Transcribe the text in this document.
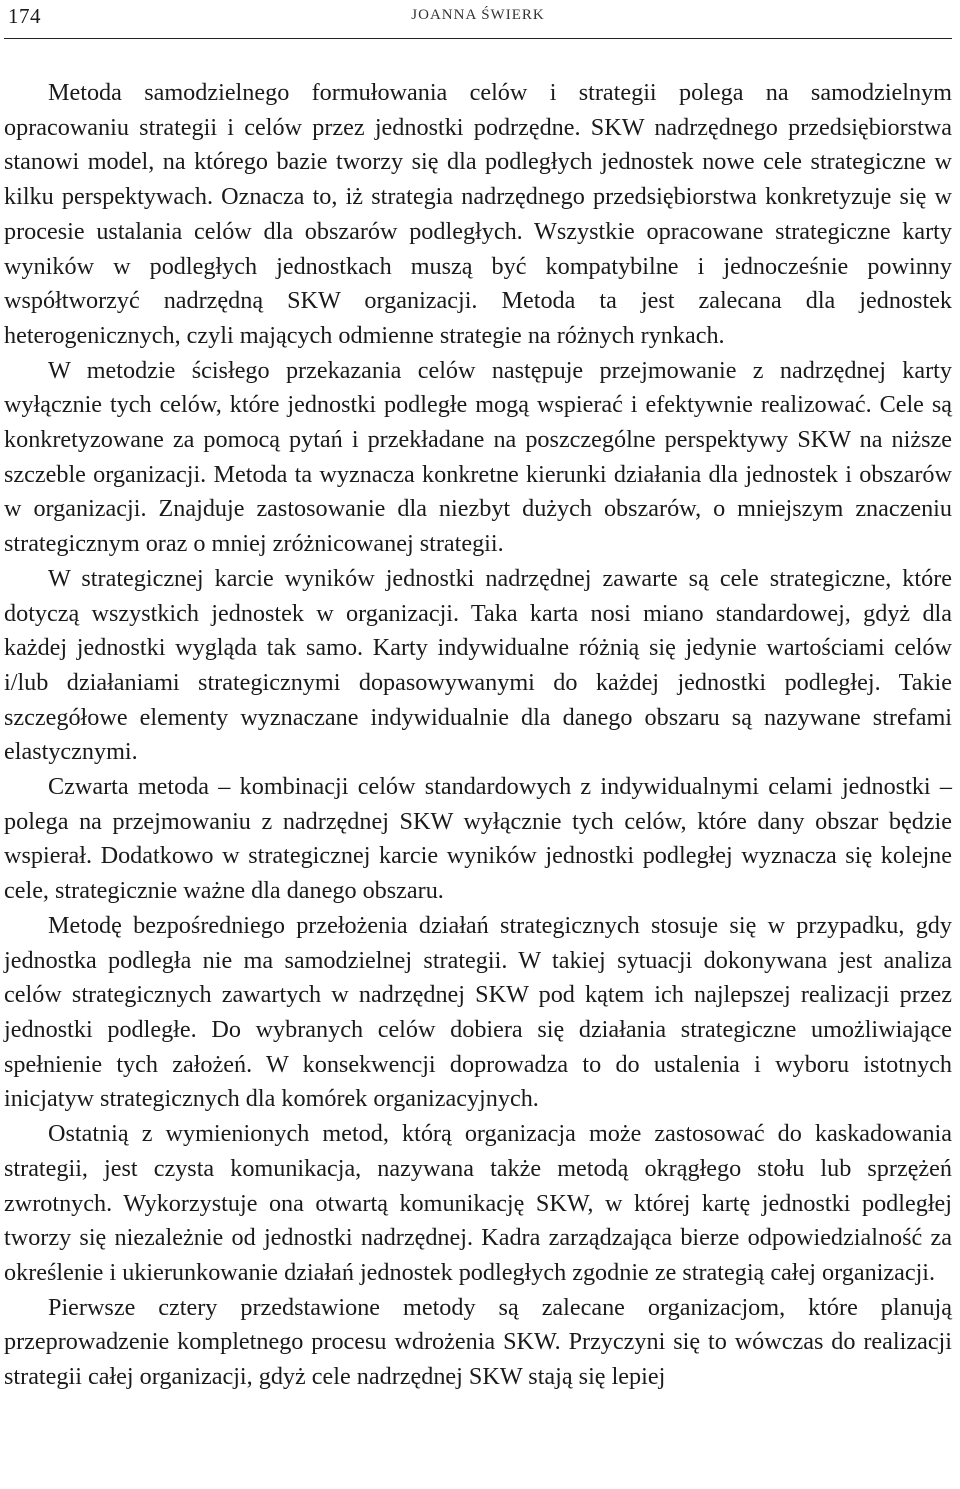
174	JOANNA ŚWIERK

Metoda samodzielnego formułowania celów i strategii polega na samodzielnym opracowaniu strategii i celów przez jednostki podrzędne. SKW nadrzędnego przedsiębiorstwa stanowi model, na którego bazie tworzy się dla podległych jednostek nowe cele strategiczne w kilku perspektywach. Oznacza to, iż strategia nadrzędnego przedsiębiorstwa konkretyzuje się w procesie ustalania celów dla obszarów podległych. Wszystkie opracowane strategiczne karty wyników w podległych jednostkach muszą być kompatybilne i jednocześnie powinny współtworzyć nadrzędną SKW organizacji. Metoda ta jest zalecana dla jednostek heterogenicznych, czyli mających odmienne strategie na różnych rynkach.

W metodzie ścisłego przekazania celów następuje przejmowanie z nadrzędnej karty wyłącznie tych celów, które jednostki podległe mogą wspierać i efektywnie realizować. Cele są konkretyzowane za pomocą pytań i przekładane na poszczególne perspektywy SKW na niższe szczeble organizacji. Metoda ta wyznacza konkretne kierunki działania dla jednostek i obszarów w organizacji. Znajduje zastosowanie dla niezbyt dużych obszarów, o mniejszym znaczeniu strategicznym oraz o mniej zróżnicowanej strategii.

W strategicznej karcie wyników jednostki nadrzędnej zawarte są cele strategiczne, które dotyczą wszystkich jednostek w organizacji. Taka karta nosi miano standardowej, gdyż dla każdej jednostki wygląda tak samo. Karty indywidualne różnią się jedynie wartościami celów i/lub działaniami strategicznymi dopasowywanymi do każdej jednostki podległej. Takie szczegółowe elementy wyznaczane indywidualnie dla danego obszaru są nazywane strefami elastycznymi.

Czwarta metoda – kombinacji celów standardowych z indywidualnymi celami jednostki – polega na przejmowaniu z nadrzędnej SKW wyłącznie tych celów, które dany obszar będzie wspierał. Dodatkowo w strategicznej karcie wyników jednostki podległej wyznacza się kolejne cele, strategicznie ważne dla danego obszaru.

Metodę bezpośredniego przełożenia działań strategicznych stosuje się w przypadku, gdy jednostka podległa nie ma samodzielnej strategii. W takiej sytuacji dokonywana jest analiza celów strategicznych zawartych w nadrzędnej SKW pod kątem ich najlepszej realizacji przez jednostki podległe. Do wybranych celów dobiera się działania strategiczne umożliwiające spełnienie tych założeń. W konsekwencji doprowadza to do ustalenia i wyboru istotnych inicjatyw strategicznych dla komórek organizacyjnych.

Ostatnią z wymienionych metod, którą organizacja może zastosować do kaskadowania strategii, jest czysta komunikacja, nazywana także metodą okrągłego stołu lub sprzężeń zwrotnych. Wykorzystuje ona otwartą komunikację SKW, w której kartę jednostki podległej tworzy się niezależnie od jednostki nadrzędnej. Kadra zarządzająca bierze odpowiedzialność za określenie i ukierunkowanie działań jednostek podległych zgodnie ze strategią całej organizacji.

Pierwsze cztery przedstawione metody są zalecane organizacjom, które planują przeprowadzenie kompletnego procesu wdrożenia SKW. Przyczyni się to wówczas do realizacji strategii całej organizacji, gdyż cele nadrzędnej SKW stają się lepiej
